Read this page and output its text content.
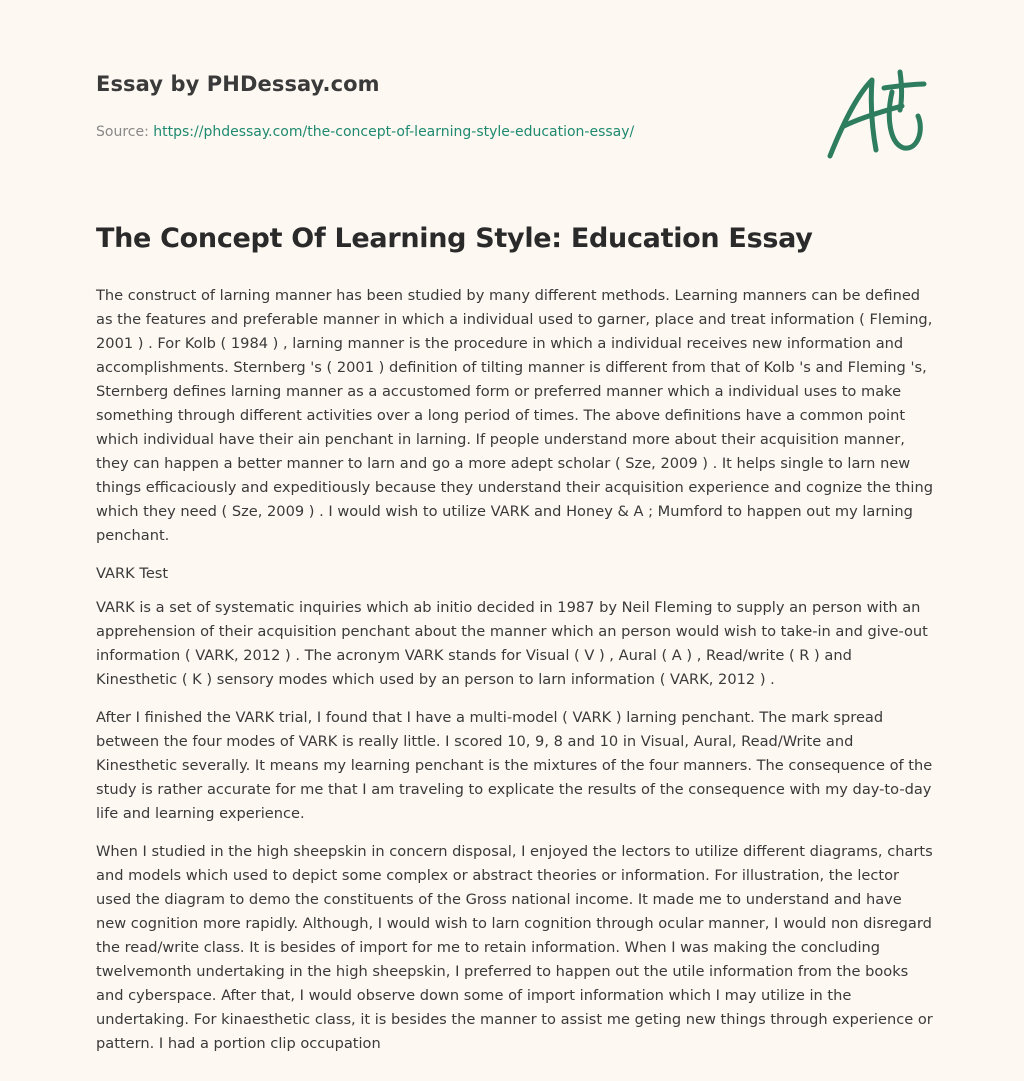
Essay by PHDessay.com
Source: https://phdessay.com/the-concept-of-learning-style-education-essay/
The Concept Of Learning Style: Education Essay

The construct of larning manner has been studied by many different methods. Learning manners can be defined as the features and preferable manner in which a individual used to garner, place and treat information ( Fleming, 2001 ) . For Kolb ( 1984 ) , larning manner is the procedure in which a individual receives new information and accomplishments. Sternberg 's ( 2001 ) definition of tilting manner is different from that of Kolb 's and Fleming 's, Sternberg defines larning manner as a accustomed form or preferred manner which a individual uses to make something through different activities over a long period of times. The above definitions have a common point which individual have their ain penchant in larning. If people understand more about their acquisition manner, they can happen a better manner to larn and go a more adept scholar ( Sze, 2009 ) . It helps single to larn new things efficaciously and expeditiously because they understand their acquisition experience and cognize the thing which they need ( Sze, 2009 ) . I would wish to utilize VARK and Honey & A ; Mumford to happen out my larning penchant.

VARK Test

VARK is a set of systematic inquiries which ab initio decided in 1987 by Neil Fleming to supply an person with an apprehension of their acquisition penchant about the manner which an person would wish to take-in and give-out information ( VARK, 2012 ) . The acronym VARK stands for Visual ( V ) , Aural ( A ) , Read/write ( R ) and Kinesthetic ( K ) sensory modes which used by an person to larn information ( VARK, 2012 ) .

After I finished the VARK trial, I found that I have a multi-model ( VARK ) larning penchant. The mark spread between the four modes of VARK is really little. I scored 10, 9, 8 and 10 in Visual, Aural, Read/Write and Kinesthetic severally. It means my learning penchant is the mixtures of the four manners. The consequence of the study is rather accurate for me that I am traveling to explicate the results of the consequence with my day-to-day life and learning experience.

When I studied in the high sheepskin in concern disposal, I enjoyed the lectors to utilize different diagrams, charts and models which used to depict some complex or abstract theories or information. For illustration, the lector used the diagram to demo the constituents of the Gross national income. It made me to understand and have new cognition more rapidly. Although, I would wish to larn cognition through ocular manner, I would non disregard the read/write class. It is besides of import for me to retain information. When I was making the concluding twelvemonth undertaking in the high sheepskin, I preferred to happen out the utile information from the books and cyberspace. After that, I would observe down some of import information which I may utilize in the undertaking. For kinaesthetic class, it is besides the manner to assist me geting new things through experience or pattern. I had a portion clip occupation
